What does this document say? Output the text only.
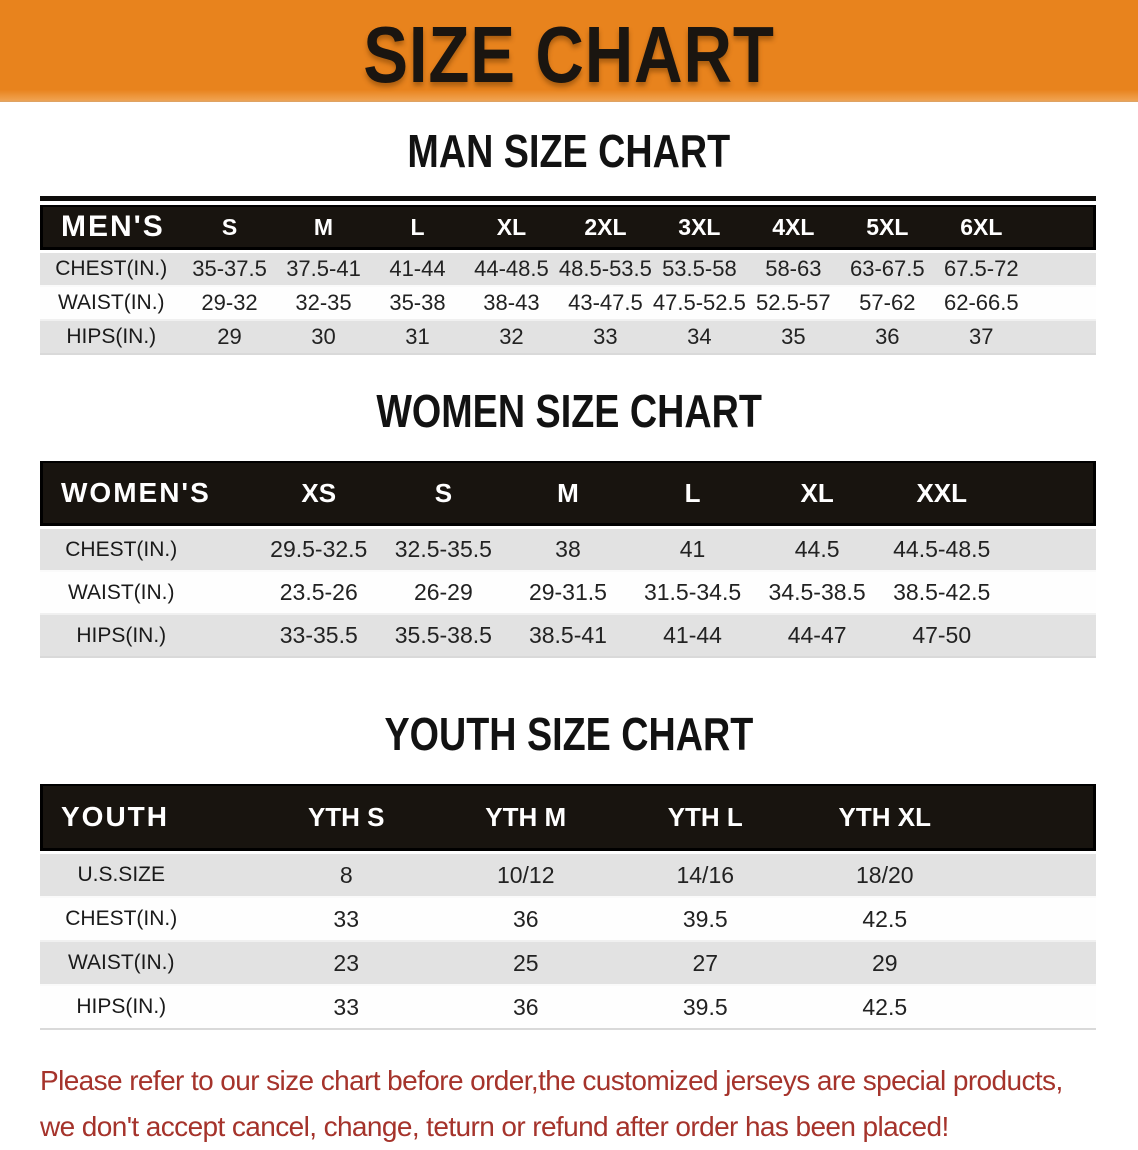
SIZE CHART
MAN SIZE CHART
MEN'S	S	M	L	XL	2XL	3XL	4XL	5XL	6XL	
CHEST(IN.)	35-37.5	37.5-41	41-44	44-48.5	48.5-53.5	53.5-58	58-63	63-67.5	67.5-72	
WAIST(IN.)	29-32	32-35	35-38	38-43	43-47.5	47.5-52.5	52.5-57	57-62	62-66.5	
HIPS(IN.)	29	30	31	32	33	34	35	36	37	
WOMEN SIZE CHART
WOMEN'S	XS	S	M	L	XL	XXL	
CHEST(IN.)	29.5-32.5	32.5-35.5	38	41	44.5	44.5-48.5	
WAIST(IN.)	23.5-26	26-29	29-31.5	31.5-34.5	34.5-38.5	38.5-42.5	
HIPS(IN.)	33-35.5	35.5-38.5	38.5-41	41-44	44-47	47-50	
YOUTH SIZE CHART
YOUTH	YTH S	YTH M	YTH L	YTH XL	
U.S.SIZE	8	10/12	14/16	18/20	
CHEST(IN.)	33	36	39.5	42.5	
WAIST(IN.)	23	25	27	29	
HIPS(IN.)	33	36	39.5	42.5	

Please refer to our size chart before order,the customized jerseys are special products,
we don't accept cancel, change, teturn or refund after order has been placed!
